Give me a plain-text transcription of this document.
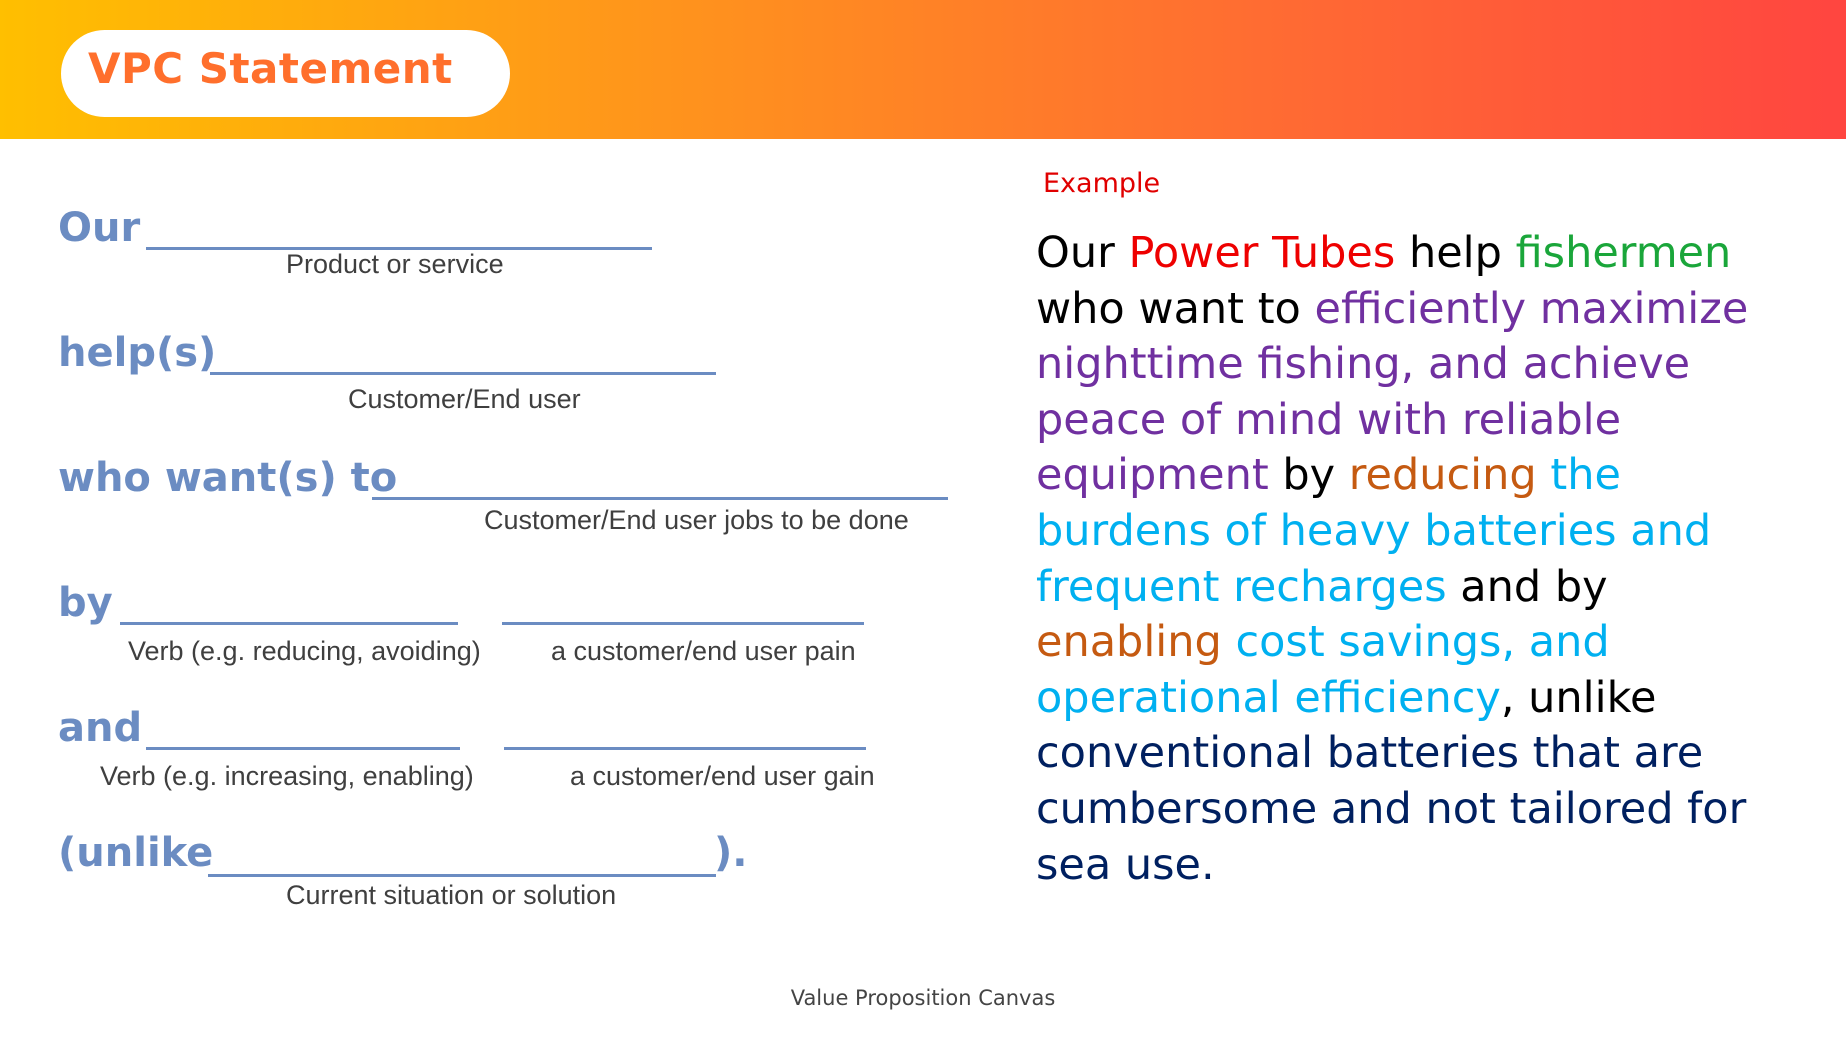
VPC Statement
Our
Product or service
help(s)
Customer/End user
who want(s) to
Customer/End user jobs to be done
by
Verb (e.g. reducing, avoiding)	a customer/end user pain
and
Verb (e.g. increasing, enabling)	a customer/end user gain
(unlike	).
Current situation or solution
Example
Our Power Tubes help fishermen who want to efficiently maximize nighttime fishing, and achieve peace of mind with reliable equipment by reducing the burdens of heavy batteries and frequent recharges and by enabling cost savings, and operational efficiency, unlike conventional batteries that are cumbersome and not tailored for sea use.
Value Proposition Canvas
